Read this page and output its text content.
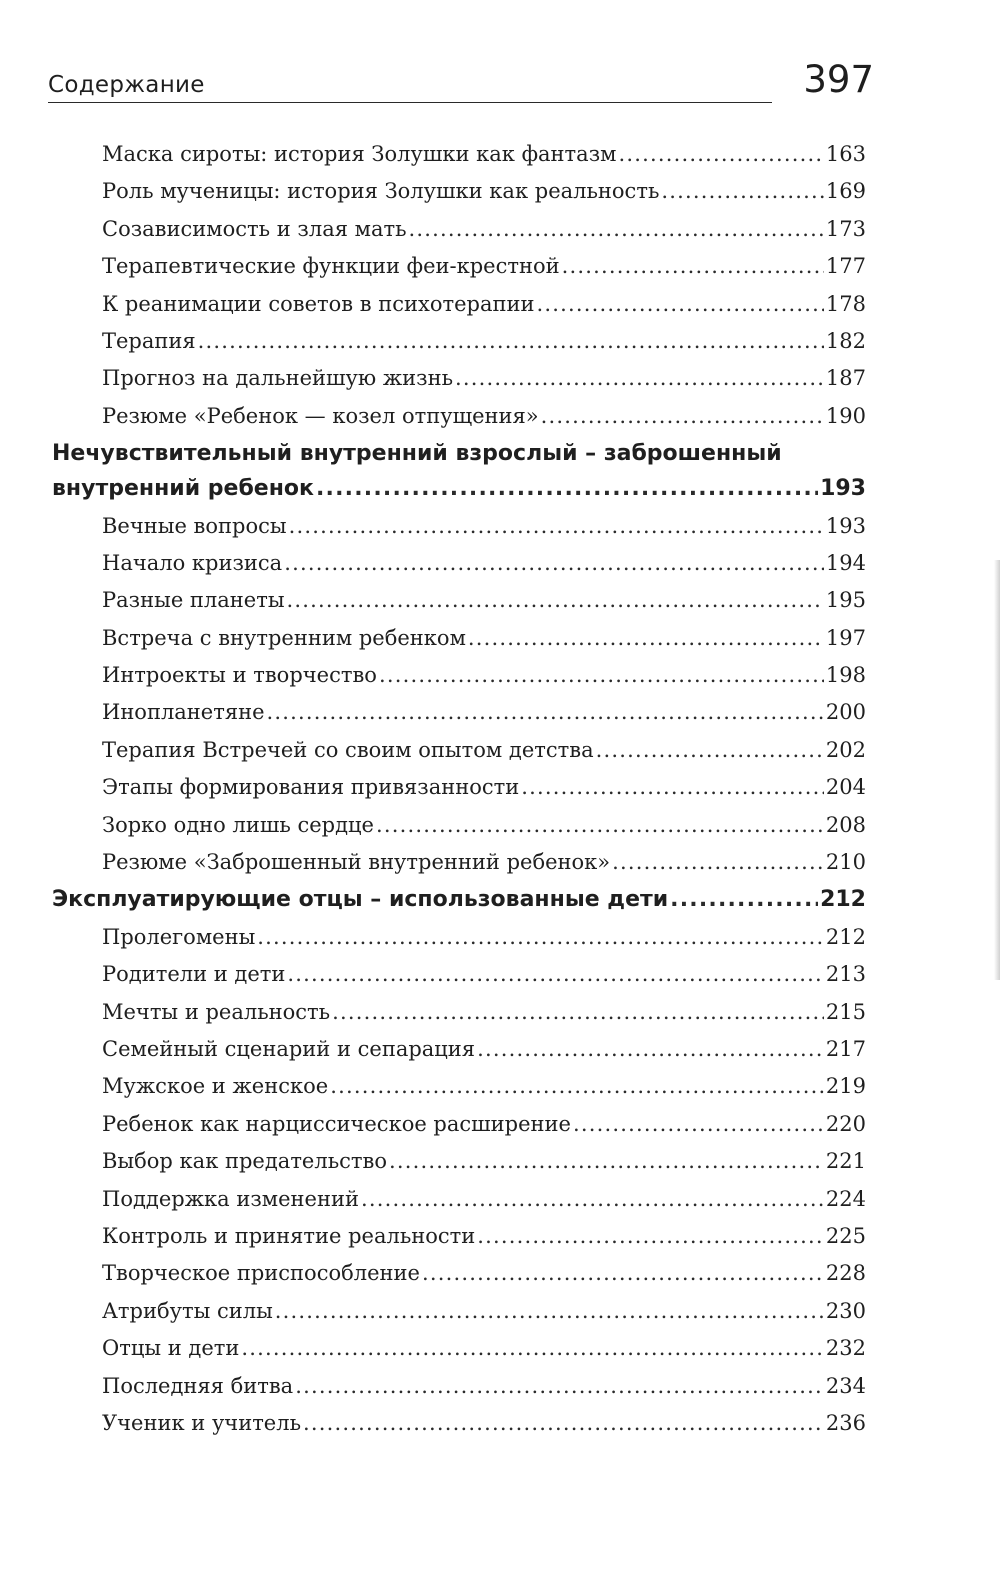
Содержание	397
Маска сироты: история Золушки как фантазм .....	163
Роль мученицы: история Золушки как реальность .....	169
Созависимость и злая мать .....	173
Терапевтические функции феи-крестной .....	177
К реанимации советов в психотерапии .....	178
Терапия .....	182
Прогноз на дальнейшую жизнь .....	187
Резюме «Ребенок — козел отпущения» .....	190
Нечувствительный внутренний взрослый – заброшенный
внутренний ребенок .....	193
Вечные вопросы .....	193
Начало кризиса .....	194
Разные планеты .....	195
Встреча с внутренним ребенком .....	197
Интроекты и творчество .....	198
Инопланетяне .....	200
Терапия Встречей со своим опытом детства .....	202
Этапы формирования привязанности .....	204
Зорко одно лишь сердце .....	208
Резюме «Заброшенный внутренний ребенок» .....	210
Эксплуатирующие отцы – использованные дети .....	212
Пролегомены .....	212
Родители и дети .....	213
Мечты и реальность .....	215
Семейный сценарий и сепарация .....	217
Мужское и женское .....	219
Ребенок как нарциссическое расширение .....	220
Выбор как предательство .....	221
Поддержка изменений .....	224
Контроль и принятие реальности .....	225
Творческое приспособление .....	228
Атрибуты силы .....	230
Отцы и дети .....	232
Последняя битва .....	234
Ученик и учитель .....	236
